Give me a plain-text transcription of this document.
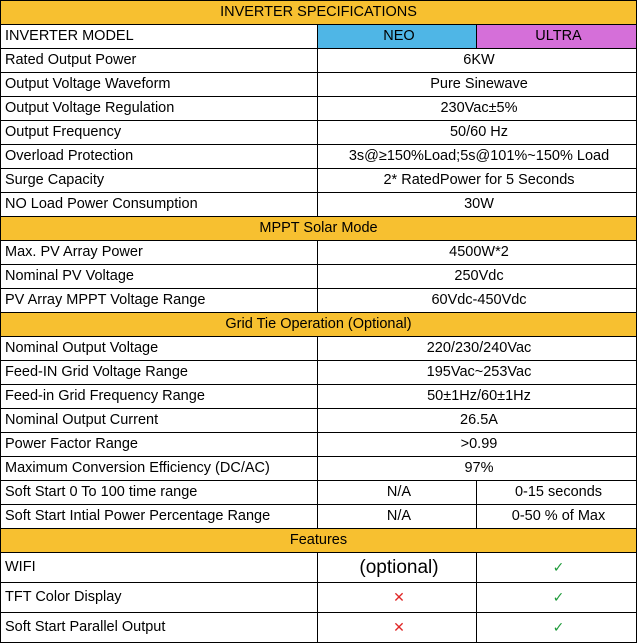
INVERTER SPECIFICATIONS		
INVERTER MODEL	NEO	ULTRA
Rated Output Power	6KW	
Output Voltage Waveform	Pure Sinewave	
Output Voltage Regulation	230Vac±5%	
Output Frequency	50/60 Hz	
Overload Protection	3s@≥150%Load;5s@101%~150% Load	
Surge Capacity	2* RatedPower for 5 Seconds	
NO Load Power Consumption	30W	
MPPT Solar Mode		
Max. PV Array Power	4500W*2	
Nominal PV Voltage	250Vdc	
PV Array MPPT Voltage Range	60Vdc-450Vdc	
Grid Tie Operation (Optional)		
Nominal Output Voltage	220/230/240Vac	
Feed-IN Grid Voltage Range	195Vac~253Vac	
Feed-in Grid Frequency Range	50±1Hz/60±1Hz	
Nominal Output Current	26.5A	
Power Factor Range	>0.99	
Maximum Conversion Efficiency (DC/AC)	97%	
Soft Start 0 To 100 time range	N/A	0-15 seconds
Soft Start Intial Power Percentage Range	N/A	0-50 % of Max
Features		
WIFI	(optional)	✓
TFT Color Display	✕	✓
Soft Start Parallel Output	✕	✓
